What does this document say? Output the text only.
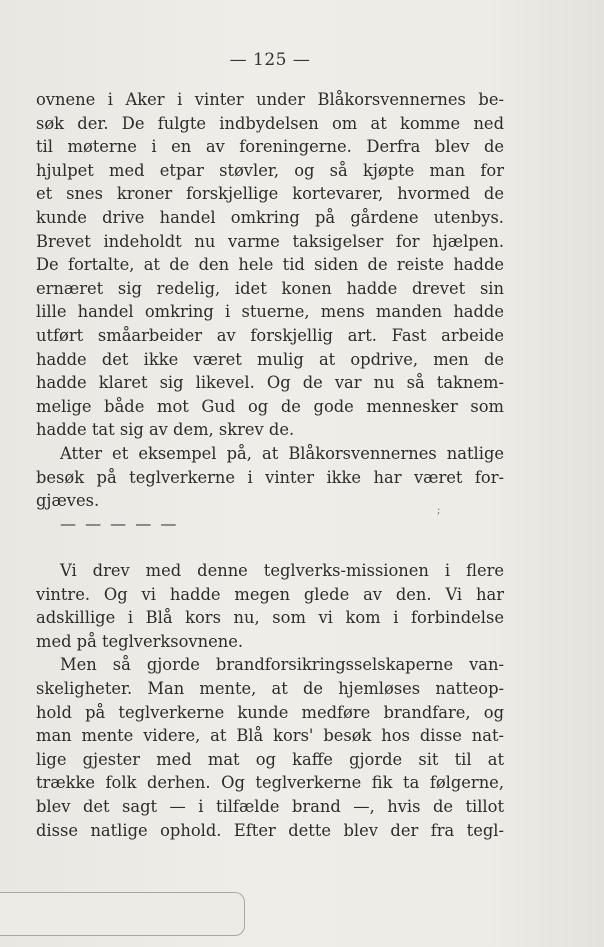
— 125 —
ovnene i Aker i vinter under Blåkorsvennernes be-
søk der. De fulgte indbydelsen om at komme ned
til møterne i en av foreningerne. Derfra blev de
hjulpet med etpar støvler, og så kjøpte man for
et snes kroner forskjellige kortevarer, hvormed de
kunde drive handel omkring på gårdene utenbys.
Brevet indeholdt nu varme taksigelser for hjælpen.
De fortalte, at de den hele tid siden de reiste hadde
ernæret sig redelig, idet konen hadde drevet sin
lille handel omkring i stuerne, mens manden hadde
utført småarbeider av forskjellig art. Fast arbeide
hadde det ikke været mulig at opdrive, men de
hadde klaret sig likevel. Og de var nu så taknem-
melige både mot Gud og de gode mennesker som
hadde tat sig av dem, skrev de.
Atter et eksempel på, at Blåkorsvennernes natlige
besøk på teglverkerne i vinter ikke har været for-
gjæves.
;
— — — — —
Vi drev med denne teglverks-missionen i flere
vintre. Og vi hadde megen glede av den. Vi har
adskillige i Blå kors nu, som vi kom i forbindelse
med på teglverksovnene.
Men så gjorde brandforsikringsselskaperne van-
skeligheter. Man mente, at de hjemløses natteop-
hold på teglverkerne kunde medføre brandfare, og
man mente videre, at Blå kors' besøk hos disse nat-
lige gjester med mat og kaffe gjorde sit til at
trække folk derhen. Og teglverkerne fik ta følgerne,
blev det sagt — i tilfælde brand —, hvis de tillot
disse natlige ophold. Efter dette blev der fra tegl-
